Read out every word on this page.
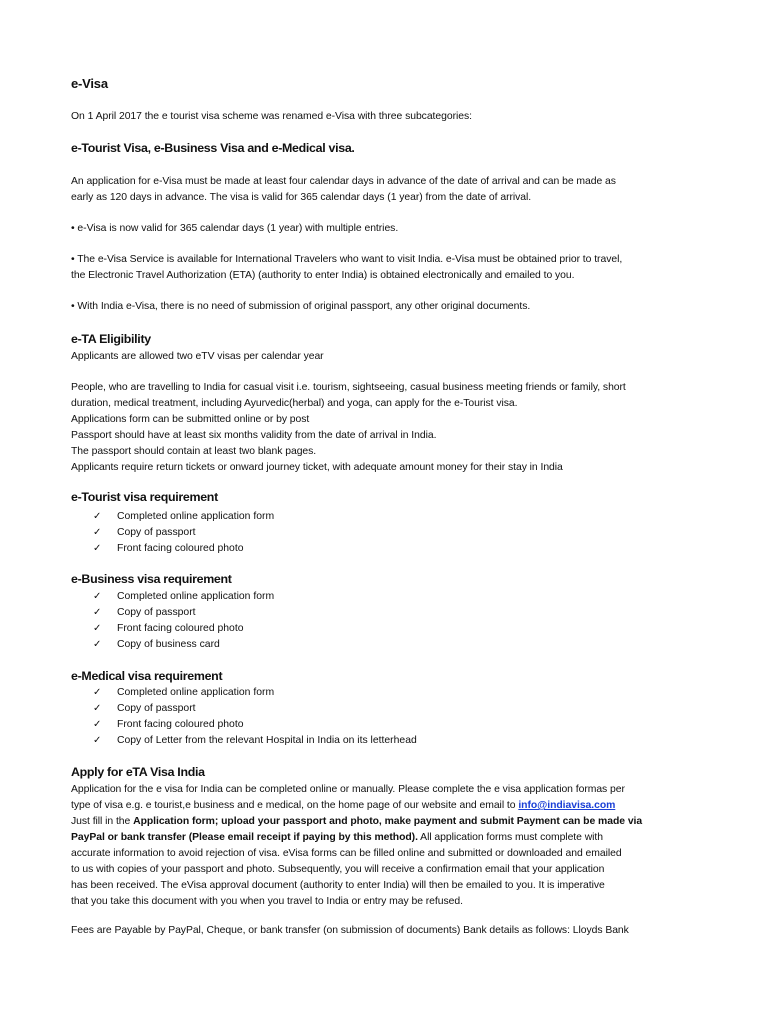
e-Visa
On 1 April 2017 the e tourist visa scheme was renamed e-Visa with three subcategories:
e-Tourist Visa, e-Business Visa and e-Medical visa.
An application for e-Visa must be made at least four calendar days in advance of the date of arrival and can be made as
early as 120 days in advance. The visa is valid for 365 calendar days (1 year) from the date of arrival.
• e-Visa is now valid for 365 calendar days (1 year) with multiple entries.
• The e-Visa Service is available for International Travelers who want to visit India. e-Visa must be obtained prior to travel,
the Electronic Travel Authorization (ETA) (authority to enter India) is obtained electronically and emailed to you.
• With India e-Visa, there is no need of submission of original passport, any other original documents.
e-TA Eligibility
Applicants are allowed two eTV visas per calendar year
People, who are travelling to India for casual visit i.e. tourism, sightseeing, casual business meeting friends or family, short
duration, medical treatment, including Ayurvedic(herbal) and yoga, can apply for the e-Tourist visa.
Applications form can be submitted online or by post
Passport should have at least six months validity from the date of arrival in India.
The passport should contain at least two blank pages.
Applicants require return tickets or onward journey ticket, with adequate amount money for their stay in India
e-Tourist visa requirement
✓ Completed online application form
✓ Copy of passport
✓ Front facing coloured photo
e-Business visa requirement
✓ Completed online application form
✓ Copy of passport
✓ Front facing coloured photo
✓ Copy of business card
e-Medical visa requirement
✓ Completed online application form
✓ Copy of passport
✓ Front facing coloured photo
✓ Copy of Letter from the relevant Hospital in India on its letterhead
Apply for eTA Visa India
Application for the e visa for India can be completed online or manually. Please complete the e visa application formas per
type of visa e.g. e tourist,e business and e medical, on the home page of our website and email to info@indiavisa.com
Just fill in the Application form; upload your passport and photo, make payment and submit Payment can be made via
PayPal or bank transfer (Please email receipt if paying by this method). All application forms must complete with
accurate information to avoid rejection of visa. eVisa forms can be filled online and submitted or downloaded and emailed
to us with copies of your passport and photo. Subsequently, you will receive a confirmation email that your application
has been received. The eVisa approval document (authority to enter India) will then be emailed to you. It is imperative
that you take this document with you when you travel to India or entry may be refused.
Fees are Payable by PayPal, Cheque, or bank transfer (on submission of documents) Bank details as follows: Lloyds Bank
